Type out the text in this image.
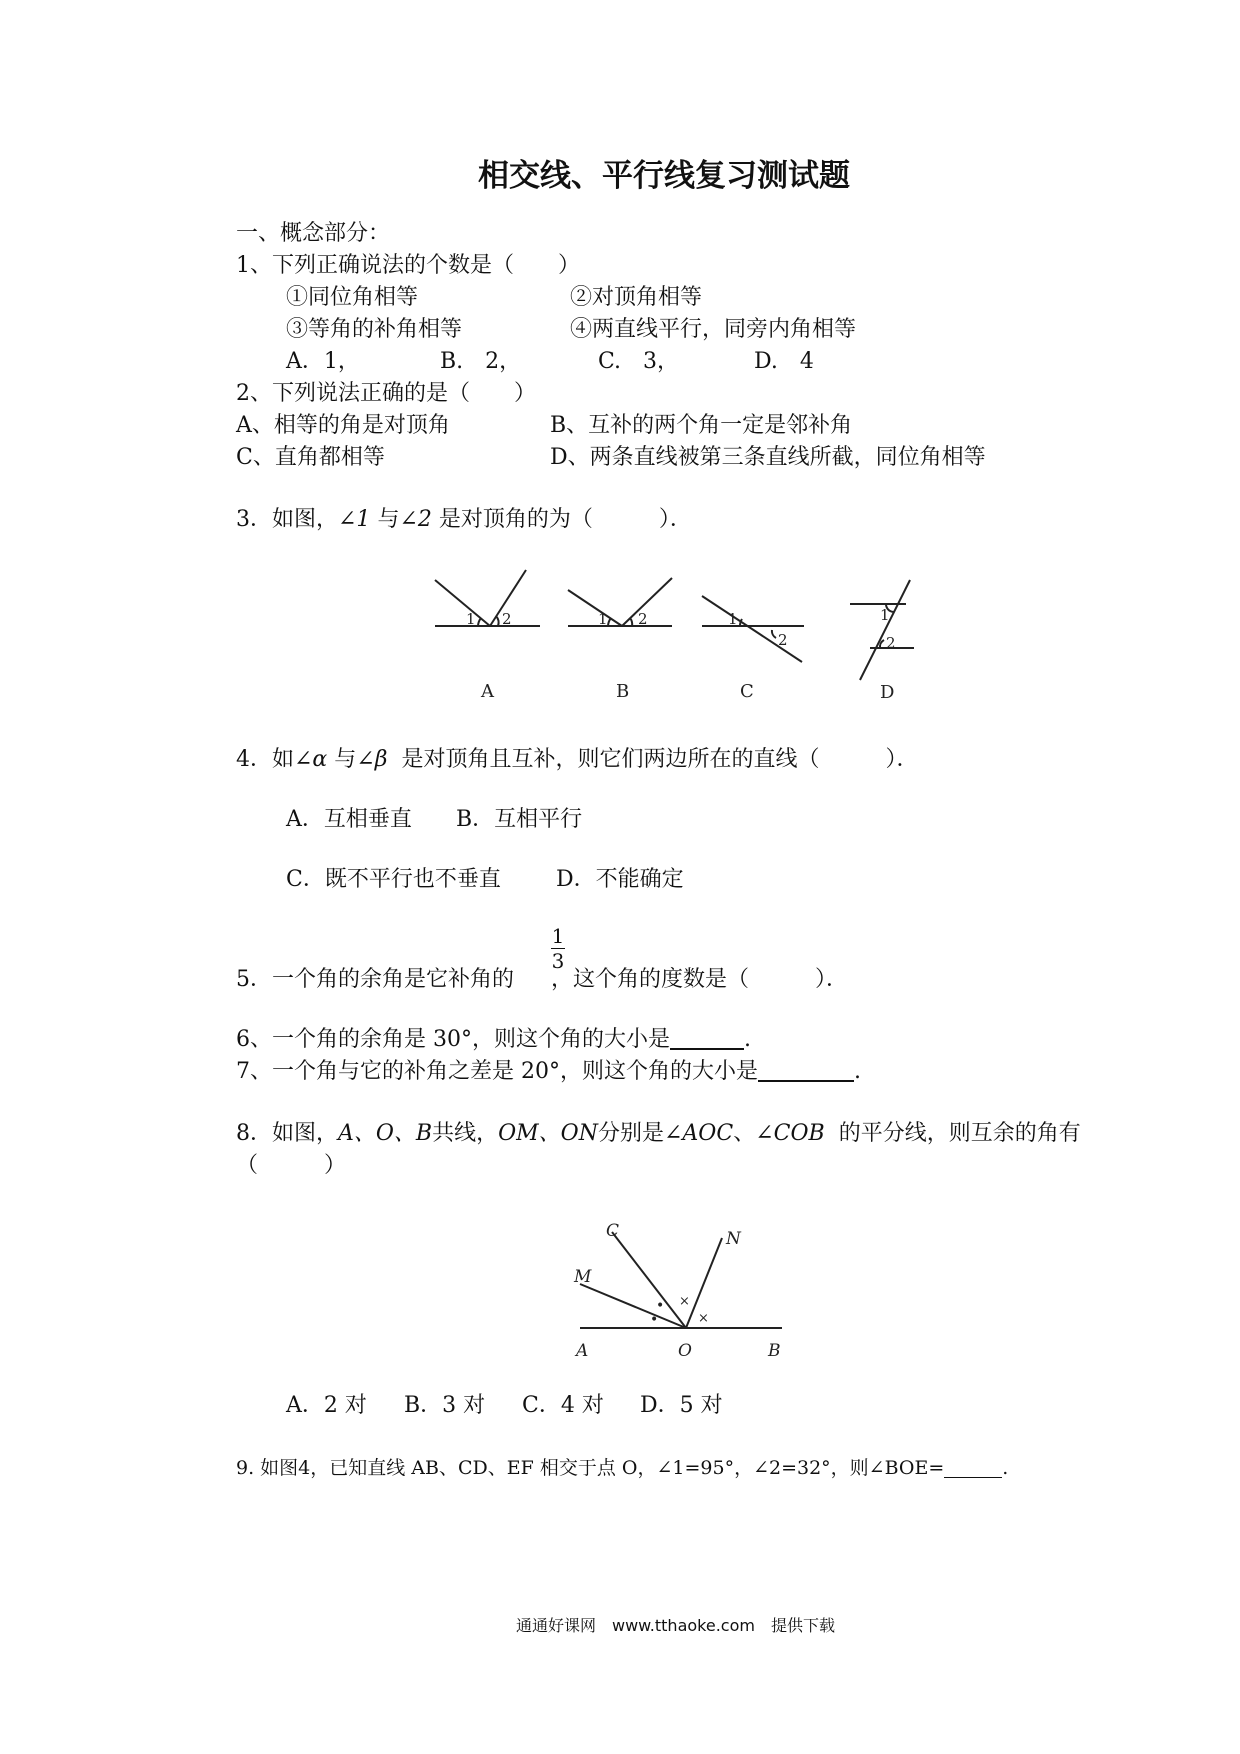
相交线、平行线复习测试题
一、概念部分：
1、下列正确说法的个数是（　　）
①同位角相等	②对顶角相等
③等角的补角相等	④两直线平行，同旁内角相等
A．1，	B.　2，	C.　3，	D.　4
2、下列说法正确的是（　　）
A、相等的角是对顶角	B、互补的两个角一定是邻补角
C、直角都相等	D、两条直线被第三条直线所截，同位角相等
3．如图，∠1 与∠2 是对顶角的为（　　　）．
1 2
A
1 2
B
1
2
C
1
2
D
4．如∠α 与∠β 是对顶角且互补，则它们两边所在的直线（　　　）．
A．互相垂直 B．互相平行
C．既不平行也不垂直	D．不能确定
5．一个角的余角是它补角的 ，这个角的度数是（　　　）．
1
3
6、一个角的余角是 30°，则这个角的大小是	.
7、一个角与它的补角之差是 20°，则这个角的大小是	.
8．如图，A、O、B共线，OM、ON分别是∠AOC、∠COB 的平分线，则互余的角有
（　　　）
•
• ×
×
C	N
M
A	O	B
A．2 对 B．3 对 C．4 对 D．5 对
9. 如图4，已知直线 AB、CD、EF 相交于点 O，∠1=95°，∠2=32°，则∠BOE=	.
通通好课网　www.tthaoke.com　提供下载
